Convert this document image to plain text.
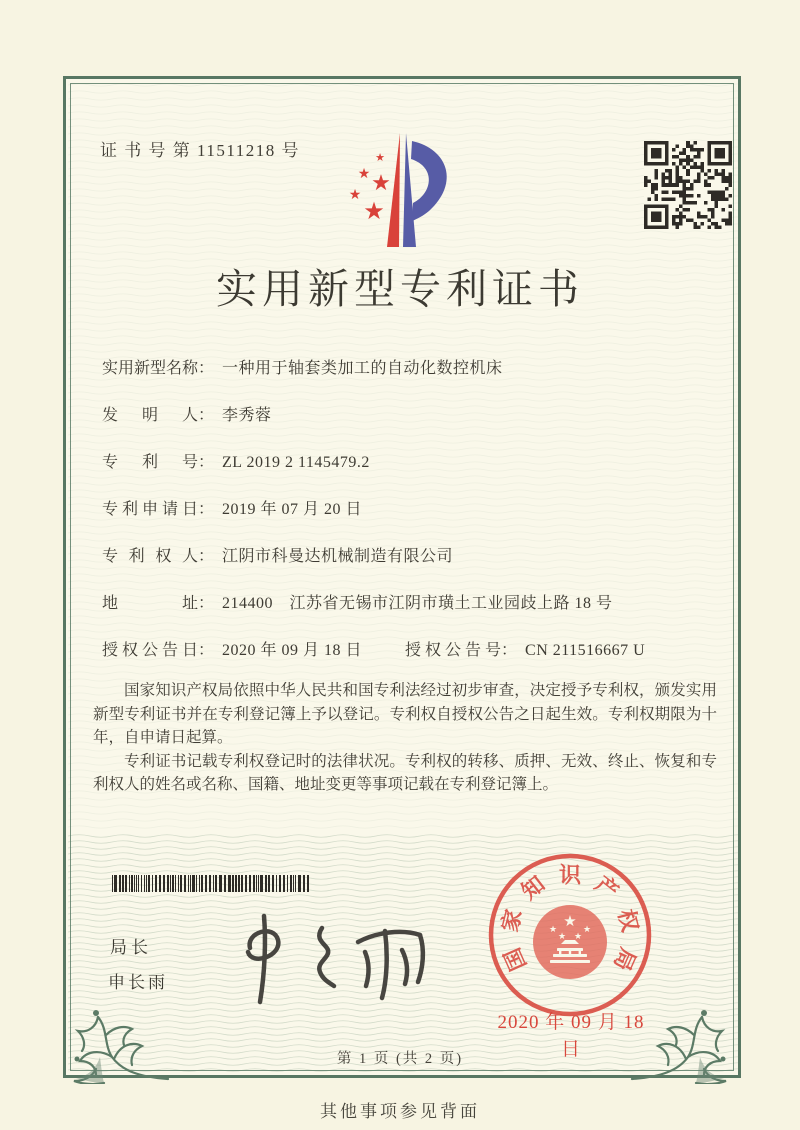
证 书 号 第 11511218 号	★
★ ★
★
★
实用新型专利证书
实用新型名称： 一种用于轴套类加工的自动化数控机床
发明人： 李秀蓉
专利号： ZL 2019 2 1145479.2
专利申请日： 2019 年 07 月 20 日
专利权人： 江阴市科曼达机械制造有限公司
地址： 214400　江苏省无锡市江阴市璜土工业园歧上路 18 号
授权公告日： 2020 年 09 月 18 日	授权公告号： CN 211516667 U

国家知识产权局依照中华人民共和国专利法经过初步审查，决定授予专利权，颁发实用新型专利证书并在专利登记簿上予以登记。专利权自授权公告之日起生效。专利权期限为十年，自申请日起算。

专利证书记载专利权登记时的法律状况。专利权的转移、质押、无效、终止、恢复和专利权人的姓名或名称、国籍、地址变更等事项记载在专利登记簿上。

局长
申长雨
国
家
知 识 产
权
局
★
★
★ ★
★
2020 年 09 月 18 日
第 1 页 (共 2 页)
其他事项参见背面
